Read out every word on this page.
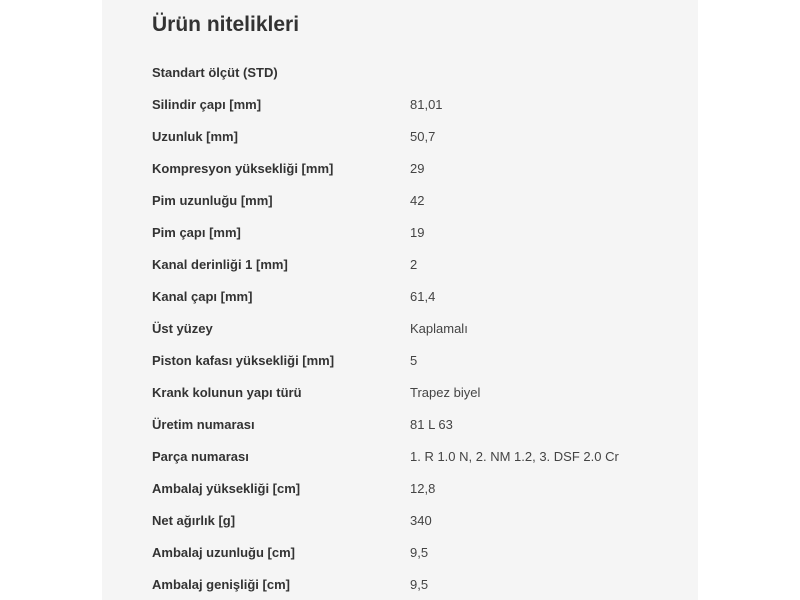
Ürün nitelikleri
Standart ölçüt (STD)
Silindir çapı [mm]	81,01
Uzunluk [mm]	50,7
Kompresyon yüksekliği [mm]	29
Pim uzunluğu [mm]	42
Pim çapı [mm]	19
Kanal derinliği 1 [mm]	2
Kanal çapı [mm]	61,4
Üst yüzey	Kaplamalı
Piston kafası yüksekliği [mm]	5
Krank kolunun yapı türü	Trapez biyel
Üretim numarası	81 L 63
Parça numarası	1. R 1.0 N, 2. NM 1.2, 3. DSF 2.0 Cr
Ambalaj yüksekliği [cm]	12,8
Net ağırlık [g]	340
Ambalaj uzunluğu [cm]	9,5
Ambalaj genişliği [cm]	9,5
